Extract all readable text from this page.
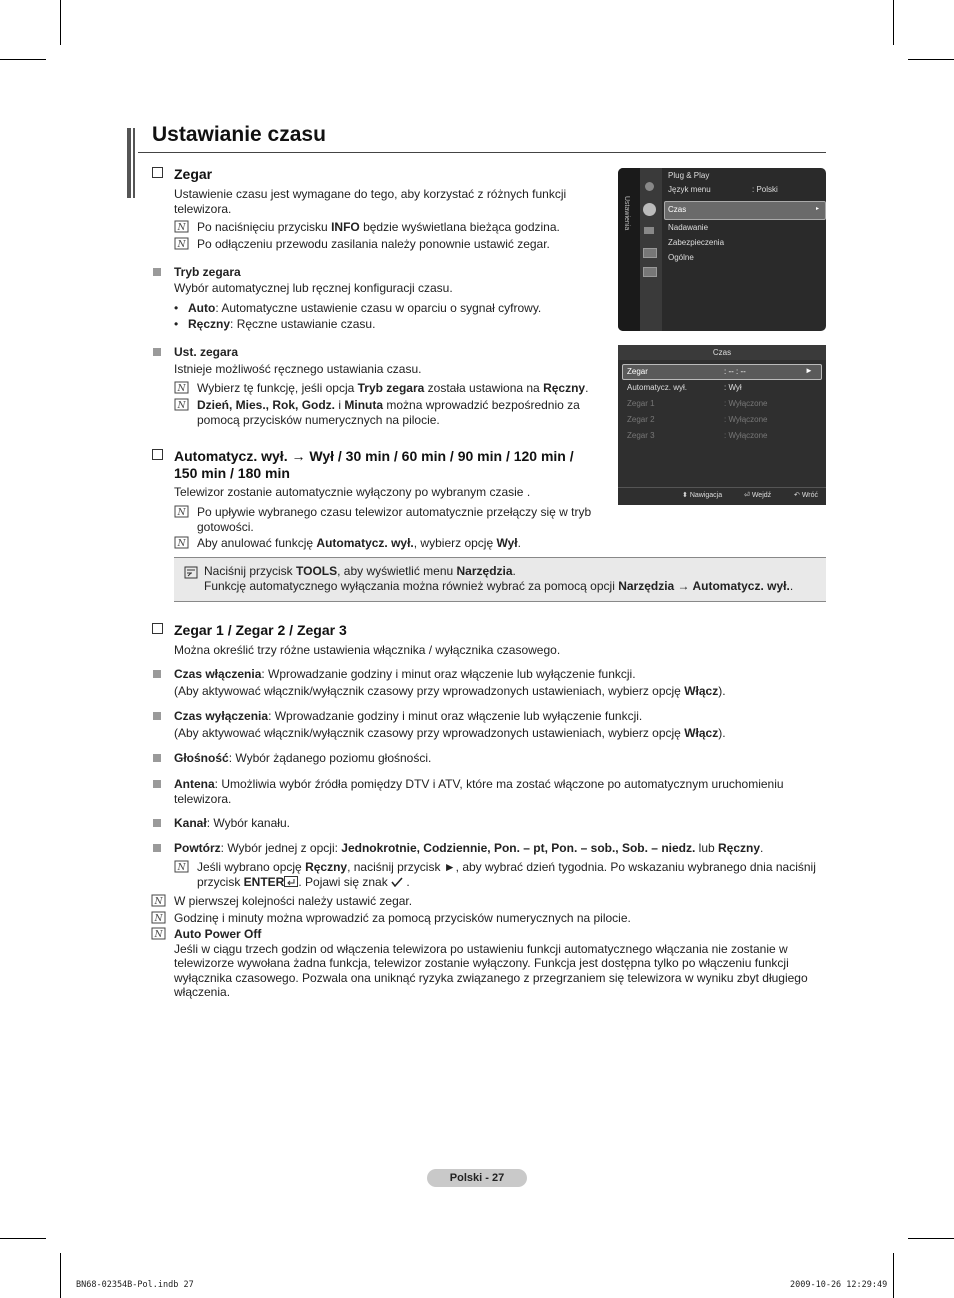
Ustawianie czasu
Zegar
Ustawienie czasu jest wymagane do tego, aby korzystać z różnych funkcji
telewizora.
N Po naciśnięciu przycisku INFO będzie wyświetlana bieżąca godzina.
N Po odłączeniu przewodu zasilania należy ponownie ustawić zegar.
Tryb zegara
Wybór automatycznej lub ręcznej konfiguracji czasu.
• Auto: Automatyczne ustawienie czasu w oparciu o sygnał cyfrowy.
• Ręczny: Ręczne ustawianie czasu.
Ust. zegara
Istnieje możliwość ręcznego ustawiania czasu.
N Wybierz tę funkcję, jeśli opcja Tryb zegara została ustawiona na Ręczny.
N Dzień, Mies., Rok, Godz. i Minuta można wprowadzić bezpośrednio za
pomocą przycisków numerycznych na pilocie.
Automatycz. wył. → Wył / 30 min / 60 min / 90 min / 120 min /
150 min / 180 min
Telewizor zostanie automatycznie wyłączony po wybranym czasie .
N Po upływie wybranego czasu telewizor automatycznie przełączy się w tryb
gotowości.
N Aby anulować funkcję Automatycz. wył., wybierz opcję Wył.
Naciśnij przycisk TOOLS, aby wyświetlić menu Narzędzia.
Funkcję automatycznego wyłączania można również wybrać za pomocą opcji Narzędzia → Automatycz. wył..
Zegar 1 / Zegar 2 / Zegar 3
Można określić trzy różne ustawienia włącznika / wyłącznika czasowego.
Czas włączenia: Wprowadzanie godziny i minut oraz włączenie lub wyłączenie funkcji.
(Aby aktywować włącznik/wyłącznik czasowy przy wprowadzonych ustawieniach, wybierz opcję Włącz).
Czas wyłączenia: Wprowadzanie godziny i minut oraz włączenie lub wyłączenie funkcji.
(Aby aktywować włącznik/wyłącznik czasowy przy wprowadzonych ustawieniach, wybierz opcję Włącz).
Głośność: Wybór żądanego poziomu głośności.
Antena: Umożliwia wybór źródła pomiędzy DTV i ATV, które ma zostać włączone po automatycznym uruchomieniu
telewizora.
Kanał: Wybór kanału.
Powtórz: Wybór jednej z opcji: Jednokrotnie, Codziennie, Pon. – pt, Pon. – sob., Sob. – niedz. lub Ręczny.
N Jeśli wybrano opcję Ręczny, naciśnij przycisk ►, aby wybrać dzień tygodnia. Po wskazaniu wybranego dnia naciśnij
przycisk ENTER . Pojawi się znak  .
N W pierwszej kolejności należy ustawić zegar.
N Godzinę i minuty można wprowadzić za pomocą przycisków numerycznych na pilocie.
N Auto Power Off
Jeśli w ciągu trzech godzin od włączenia telewizora po ustawieniu funkcji automatycznego włączania nie zostanie w
telewizorze wywołana żadna funkcja, telewizor zostanie wyłączony. Funkcja jest dostępna tylko po włączeniu funkcji
wyłącznika czasowego. Pozwala ona uniknąć ryzyka związanego z przegrzaniem się telewizora w wyniku zbyt długiego
włączenia.
Ustawienia
Plug & Play
Język menu	: Polski
Czas	▸
Nadawanie
Zabezpieczenia
Ogólne
Czas
Zegar	: -- : --	►
Automatycz. wył.	: Wył
Zegar 1	: Wyłączone
Zegar 2	: Wyłączone
Zegar 3	: Wyłączone
⬍ Nawigacja	⏎ Wejdź	↶ Wróć
Polski - 27
BN68-02354B-Pol.indb 27	2009-10-26 12:29:49
